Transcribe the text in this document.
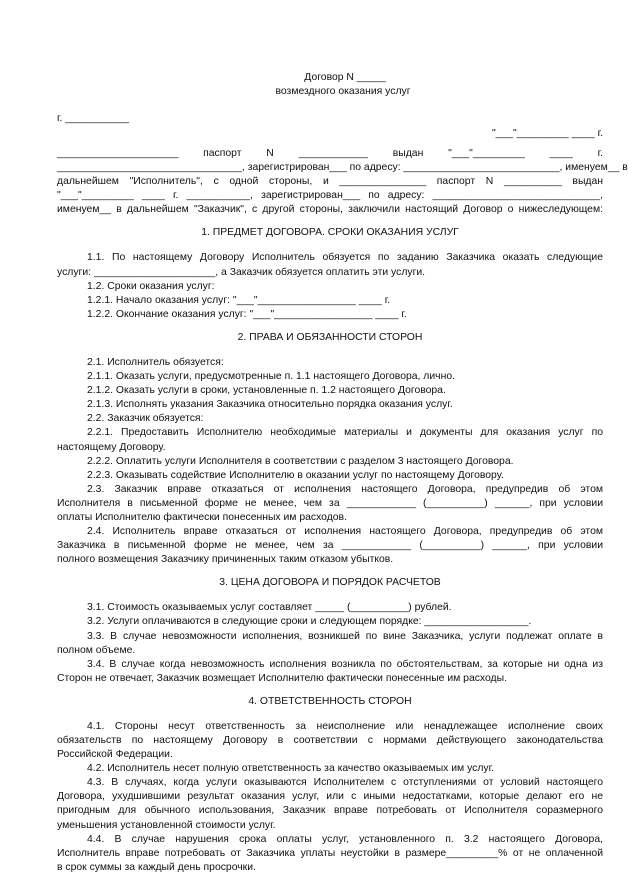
Договор N _____
возмездного оказания услуг
г. ___________
"___"_________ ____ г.
_____________________ паспорт N ____________ выдан "___"_________ ____ г.
________________________________, зарегистрирован___ по адресу: ___________________________, именуем__ в
дальнейшем "Исполнитель", с одной стороны, и _______________ паспорт N __________ выдан
"___"_________ ____ г. ___________, зарегистрирован___ по адресу: _____________________________,
именуем__ в дальнейшем "Заказчик", с другой стороны, заключили настоящий Договор о нижеследующем:
1. ПРЕДМЕТ ДОГОВОРА. СРОКИ ОКАЗАНИЯ УСЛУГ
1.1. По настоящему Договору Исполнитель обязуется по заданию Заказчика оказать следующие
услуги: _____________________, а Заказчик обязуется оплатить эти услуги.
1.2. Сроки оказания услуг:
1.2.1. Начало оказания услуг: "___"_________________ ____ г.
1.2.2. Окончание оказания услуг: "___"_________________ ____ г.
2. ПРАВА И ОБЯЗАННОСТИ СТОРОН
2.1. Исполнитель обязуется:
2.1.1. Оказать услуги, предусмотренные п. 1.1 настоящего Договора, лично.
2.1.2. Оказать услуги в сроки, установленные п. 1.2 настоящего Договора.
2.1.3. Исполнять указания Заказчика относительно порядка оказания услуг.
2.2. Заказчик обязуется:
2.2.1. Предоставить Исполнителю необходимые материалы и документы для оказания услуг по
настоящему Договору.
2.2.2. Оплатить услуги Исполнителя в соответствии с разделом 3 настоящего Договора.
2.2.3. Оказывать содействие Исполнителю в оказании услуг по настоящему Договору.
2.3. Заказчик вправе отказаться от исполнения настоящего Договора, предупредив об этом
Исполнителя в письменной форме не менее, чем за ____________ (__________) ______, при условии
оплаты Исполнителю фактически понесенных им расходов.
2.4. Исполнитель вправе отказаться от исполнения настоящего Договора, предупредив об этом
Заказчика в письменной форме не менее, чем за ____________ (__________) ______, при условии
полного возмещения Заказчику причиненных таким отказом убытков.
3. ЦЕНА ДОГОВОРА И ПОРЯДОК РАСЧЕТОВ
3.1. Стоимость оказываемых услуг составляет _____ (__________) рублей.
3.2. Услуги оплачиваются в следующие сроки и следующем порядке: __________________.
3.3. В случае невозможности исполнения, возникшей по вине Заказчика, услуги подлежат оплате в
полном объеме.
3.4. В случае когда невозможность исполнения возникла по обстоятельствам, за которые ни одна из
Сторон не отвечает, Заказчик возмещает Исполнителю фактически понесенные им расходы.
4. ОТВЕТСТВЕННОСТЬ СТОРОН
4.1. Стороны несут ответственность за неисполнение или ненадлежащее исполнение своих
обязательств по настоящему Договору в соответствии с нормами действующего законодательства
Российской Федерации.
4.2. Исполнитель несет полную ответственность за качество оказываемых им услуг.
4.3. В случаях, когда услуги оказываются Исполнителем с отступлениями от условий настоящего
Договора, ухудшившими результат оказания услуг, или с иными недостатками, которые делают его не
пригодным для обычного использования, Заказчик вправе потребовать от Исполнителя соразмерного
уменьшения установленной стоимости услуг.
4.4. В случае нарушения срока оплаты услуг, установленного п. 3.2 настоящего Договора,
Исполнитель вправе потребовать от Заказчика уплаты неустойки в размере_________% от не оплаченной
в срок суммы за каждый день просрочки.
